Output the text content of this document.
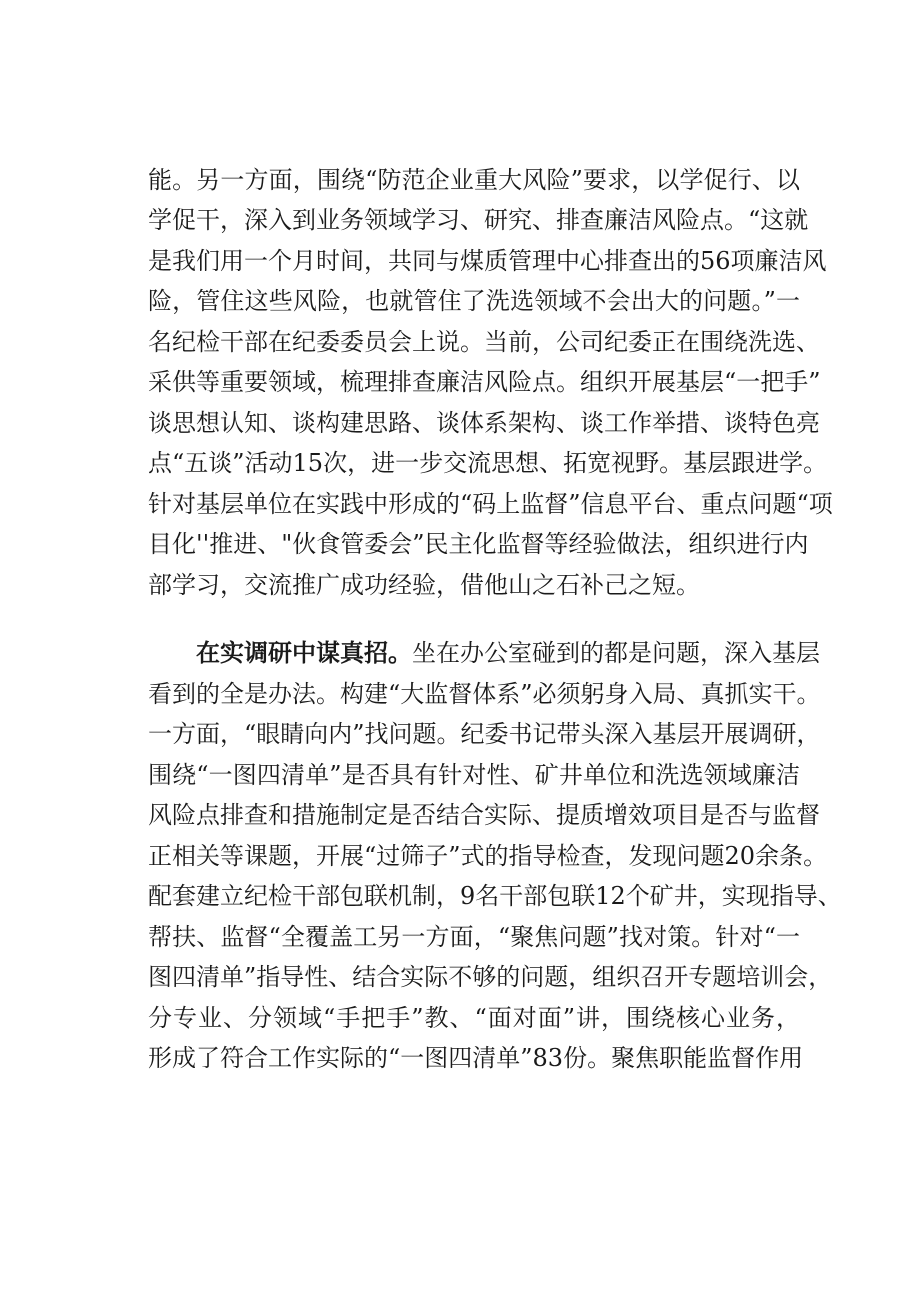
能。另一方面，围绕“防范企业重大风险”要求，以学促行、以
学促干，深入到业务领域学习、研究、排查廉洁风险点。“这就
是我们用一个月时间，共同与煤质管理中心排查出的56项廉洁风
险，管住这些风险，也就管住了洗选领域不会出大的问题。”一
名纪检干部在纪委委员会上说。当前，公司纪委正在围绕洗选、
采供等重要领域，梳理排查廉洁风险点。组织开展基层“一把手”
谈思想认知、谈构建思路、谈体系架构、谈工作举措、谈特色亮
点“五谈”活动15次，进一步交流思想、拓宽视野。基层跟进学。
针对基层单位在实践中形成的“码上监督”信息平台、重点问题“项
目化''推进、"伙食管委会”民主化监督等经验做法，组织进行内
部学习，交流推广成功经验，借他山之石补己之短。
在实调研中谋真招。坐在办公室碰到的都是问题，深入基层
看到的全是办法。构建“大监督体系”必须躬身入局、真抓实干。
一方面，“眼睛向内”找问题。纪委书记带头深入基层开展调研，
围绕“一图四清单”是否具有针对性、矿井单位和洗选领域廉洁
风险点排查和措施制定是否结合实际、提质增效项目是否与监督
正相关等课题，开展“过筛子”式的指导检查，发现问题20余条。
配套建立纪检干部包联机制，9名干部包联12个矿井，实现指导、
帮扶、监督“全覆盖工另一方面，“聚焦问题”找对策。针对“一
图四清单”指导性、结合实际不够的问题，组织召开专题培训会，
分专业、分领域“手把手”教、“面对面”讲，围绕核心业务，
形成了符合工作实际的“一图四清单”83份。聚焦职能监督作用
